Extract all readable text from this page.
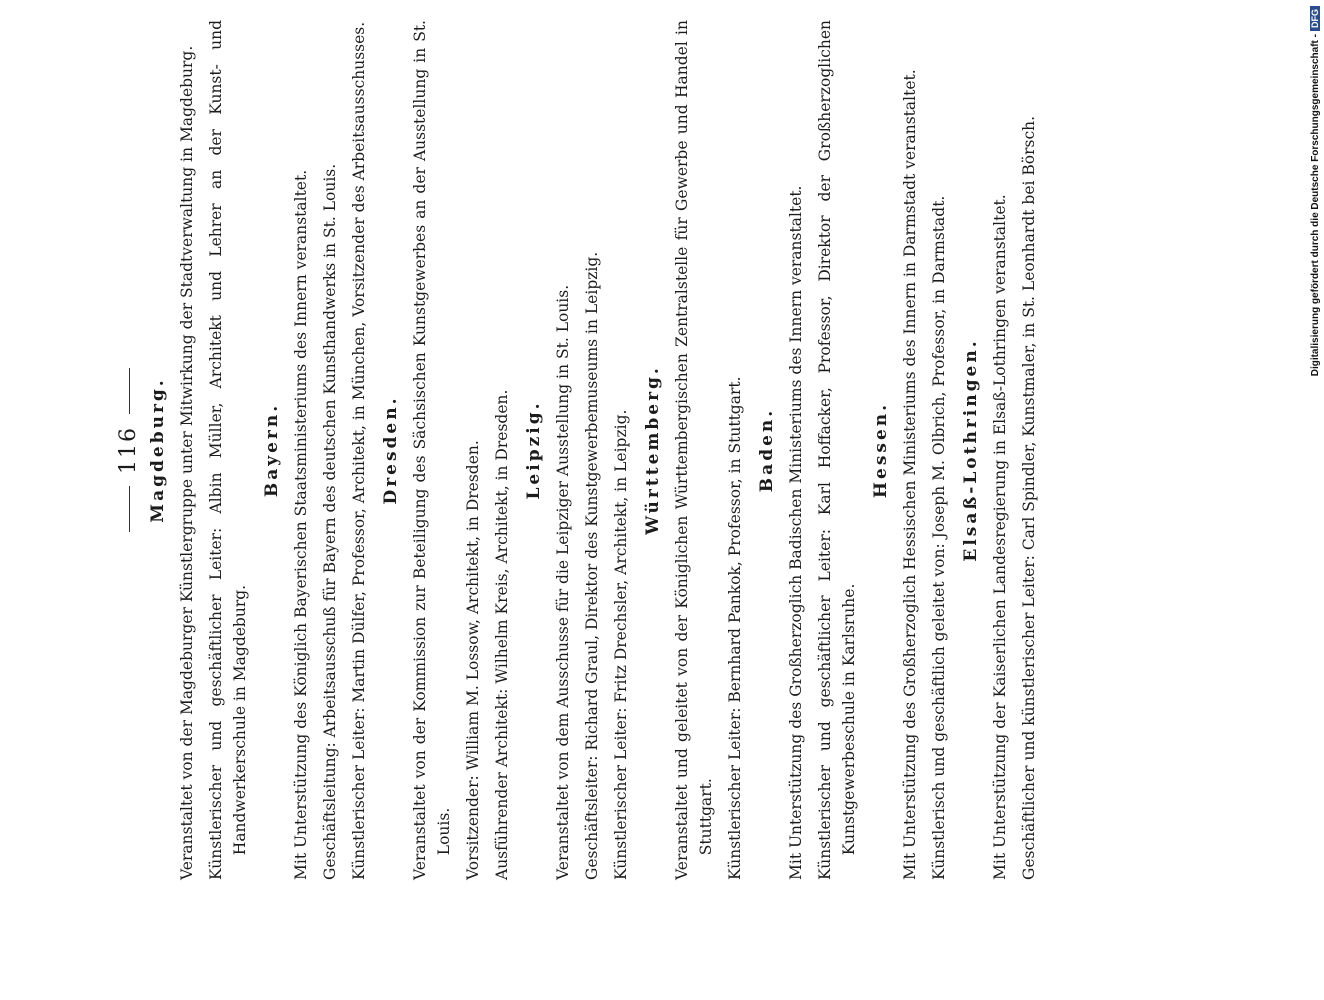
116 Magdeburg. Veranstaltet von der Magdeburger Künstlergruppe unter Mitwirkung der Stadtverwaltung in Magdeburg. Künstlerischer und geschäftlicher Leiter: Albin Müller, Architekt und Lehrer an der Kunst- und Handwerkerschule in Magdeburg.
Bayern. Mit Unterstützung des Königlich Bayerischen Staatsministeriums des Innern veranstaltet. Geschäftsleitung: Arbeitsausschuß für Bayern des deutschen Kunsthandwerks in St. Louis. Künstlerischer Leiter: Martin Dülfer, Professor, Architekt, in München, Vorsitzender des Arbeitsausschusses. Dresden. Veranstaltet von der Kommission zur Beteiligung des Sächsischen Kunstgewerbes an der Ausstellung in St. Louis. Vorsitzender: William M. Lossow, Architekt, in Dresden. Ausführender Architekt: Wilhelm Kreis, Architekt, in Dresden. Leipzig. Veranstaltet von dem Ausschusse für die Leipziger Ausstellung in St. Louis. Geschäftsleiter: Richard Graul, Direktor des Kunstgewerbemuseums in Leipzig. Künstlerischer Leiter: Fritz Drechsler, Architekt, in Leipzig. Württemberg. Veranstaltet und geleitet von der Königlichen Württembergischen Zentralstelle für Gewerbe und Handel in Stuttgart. Künstlerischer Leiter: Bernhard Pankok, Professor, in Stuttgart. Baden. Mit Unterstützung des Großherzoglich Badischen Ministeriums des Innern veranstaltet. Künstlerischer und geschäftlicher Leiter: Karl Hoffacker, Professor, Direktor der Großherzoglichen Kunstgewerbeschule in Karlsruhe.
Hessen. Mit Unterstützung des Großherzoglich Hessischen Ministeriums des Innern in Darmstadt veranstaltet. Künstlerisch und geschäftlich geleitet von: Joseph M. Olbrich, Professor, in Darmstadt. Elsaß-Lothringen. Mit Unterstützung der Kaiserlichen Landesregierung in Elsaß-Lothringen veranstaltet. Geschäftlicher und künstlerischer Leiter: Carl Spindler, Kunstmaler, in St. Leonhardt bei Börsch.	Digitalisierung gefördert durch die Deutsche Forschungsgemeinschaft -
DFG
